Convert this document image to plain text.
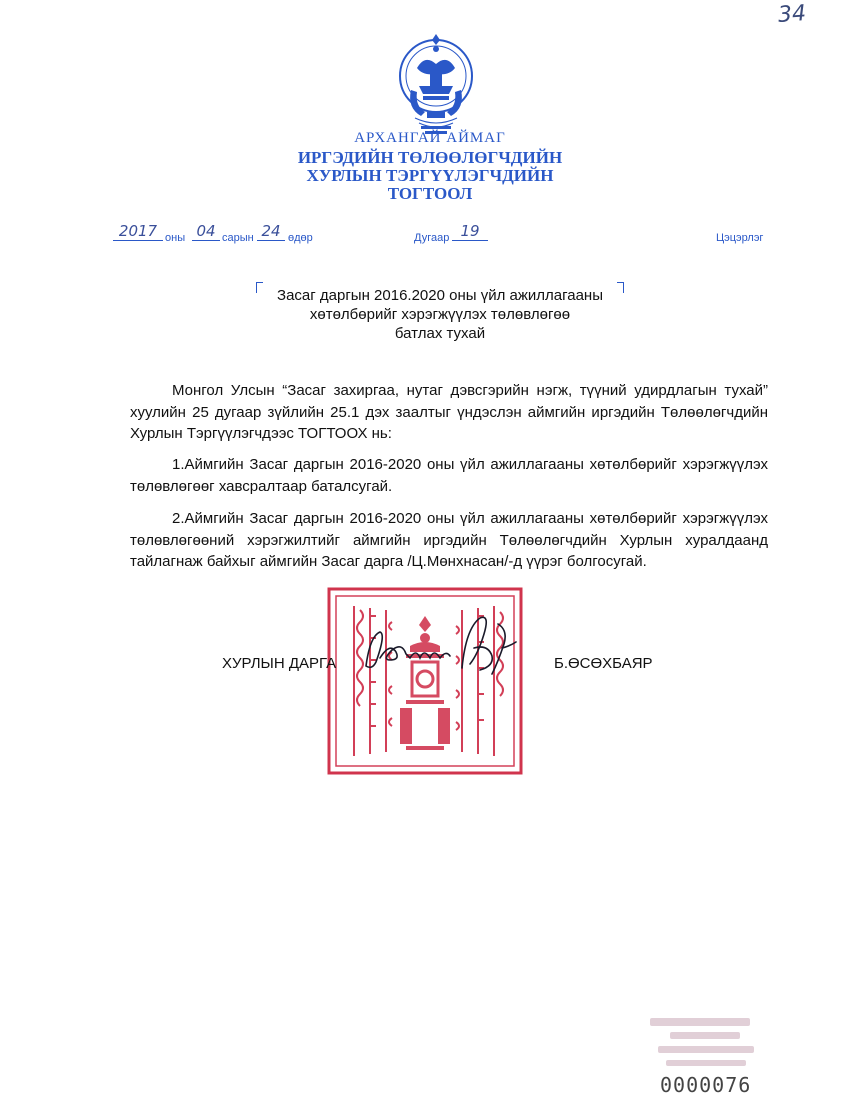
34
АРХАНГАЙ АЙМАГ
ИРГЭДИЙН ТӨЛӨӨЛӨГЧДИЙН
ХУРЛЫН ТЭРГҮҮЛЭГЧДИЙН
ТОГТООЛ
2017 оны 04 сарын 24 өдөр	Дугаар 19	Цэцэрлэг
Засаг даргын 2016.2020 оны үйл ажиллагааны
хөтөлбөрийг хэрэгжүүлэх төлөвлөгөө
батлах тухай
Монгол Улсын “Засаг захиргаа, нутаг дэвсгэрийн нэгж, түүний удирдлагын тухай” хуулийн 25 дугаар зүйлийн 25.1 дэх заалтыг үндэслэн аймгийн иргэдийн Төлөөлөгчдийн Хурлын Тэргүүлэгчдээс ТОГТООХ нь:
1.Аймгийн Засаг даргын 2016-2020 оны үйл ажиллагааны хөтөлбөрийг хэрэгжүүлэх төлөвлөгөөг хавсралтаар баталсугай.
2.Аймгийн Засаг даргын 2016-2020 оны үйл ажиллагааны хөтөлбөрийг хэрэгжүүлэх төлөвлөгөөний хэрэгжилтийг аймгийн иргэдийн Төлөөлөгчдийн Хурлын хуралдаанд тайлагнаж байхыг аймгийн Засаг дарга /Ц.Мөнхнасан/-д үүрэг болгосугай.
ХУРЛЫН ДАРГА	Б.ӨСӨХБАЯР
0000076
